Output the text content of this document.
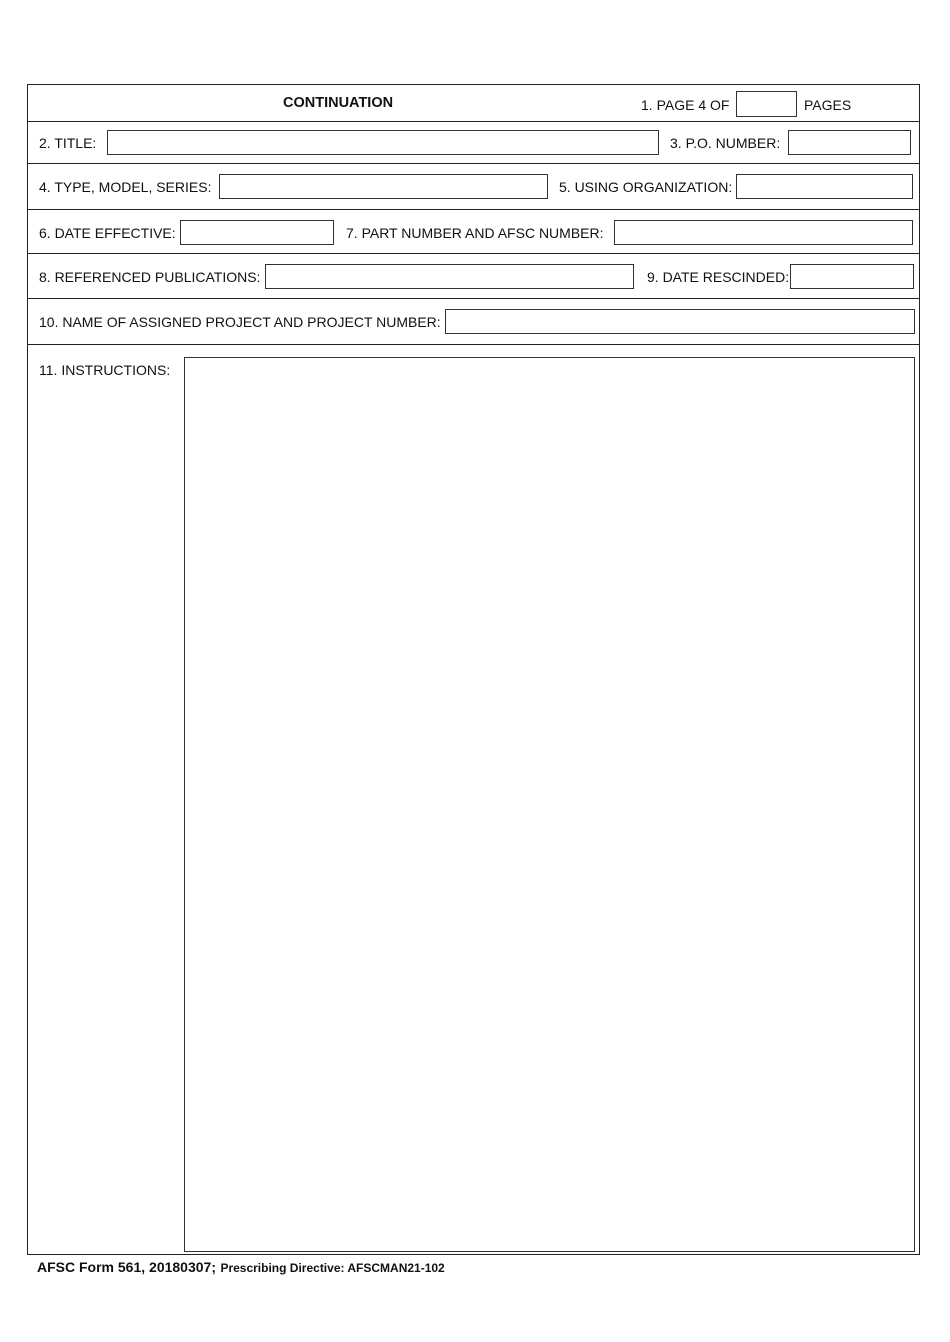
CONTINUATION	1. PAGE 4 OF	PAGES
2. TITLE:	3. P.O. NUMBER:
4. TYPE, MODEL, SERIES:	5. USING ORGANIZATION:
6. DATE EFFECTIVE:	7. PART NUMBER AND AFSC NUMBER:
8. REFERENCED PUBLICATIONS:	9. DATE RESCINDED:
10. NAME OF ASSIGNED PROJECT AND PROJECT NUMBER:
11. INSTRUCTIONS:
AFSC Form 561, 20180307; Prescribing Directive: AFSCMAN21-102
